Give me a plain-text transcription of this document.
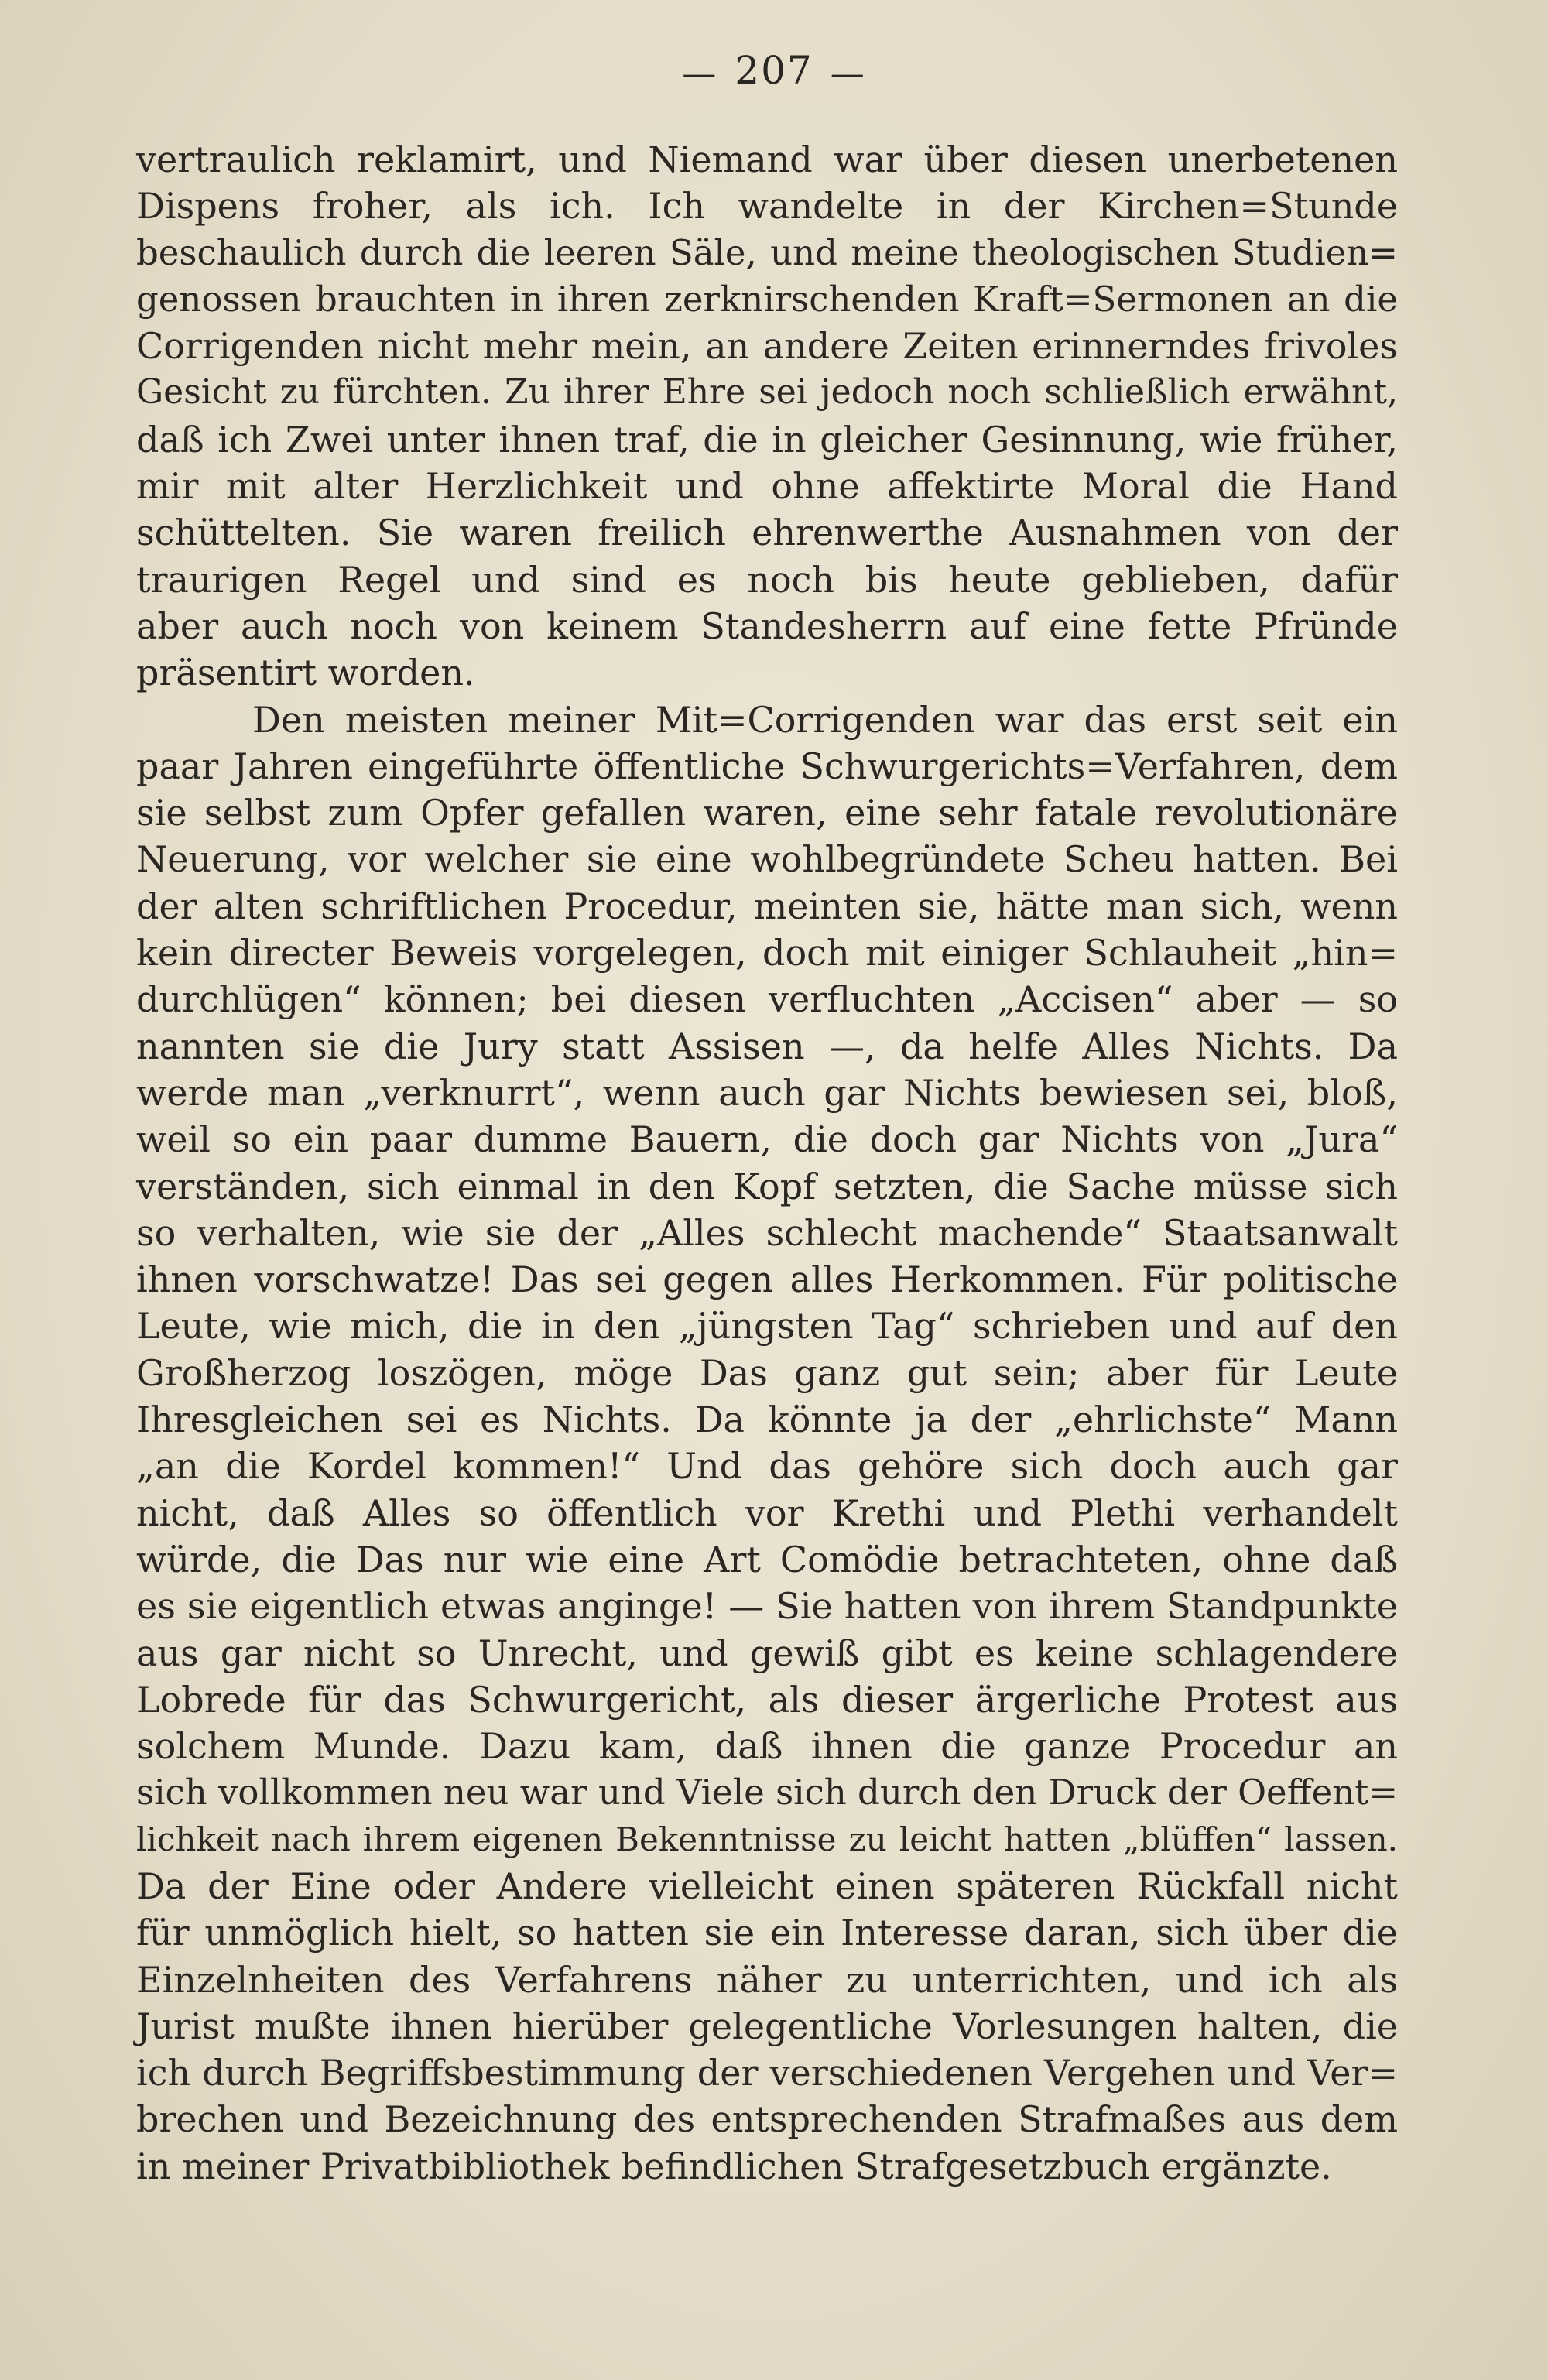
— 207 —
vertraulich reklamirt, und Niemand war über diesen unerbetenen
Dispens froher, als ich. Ich wandelte in der Kirchen=Stunde
beschaulich durch die leeren Säle, und meine theologischen Studien=
genossen brauchten in ihren zerknirschenden Kraft=Sermonen an die
Corrigenden nicht mehr mein, an andere Zeiten erinnerndes frivoles
Gesicht zu fürchten. Zu ihrer Ehre sei jedoch noch schließlich erwähnt,
daß ich Zwei unter ihnen traf, die in gleicher Gesinnung, wie früher,
mir mit alter Herzlichkeit und ohne affektirte Moral die Hand
schüttelten. Sie waren freilich ehrenwerthe Ausnahmen von der
traurigen Regel und sind es noch bis heute geblieben, dafür
aber auch noch von keinem Standesherrn auf eine fette Pfründe
präsentirt worden.
Den meisten meiner Mit=Corrigenden war das erst seit ein
paar Jahren eingeführte öffentliche Schwurgerichts=Verfahren, dem
sie selbst zum Opfer gefallen waren, eine sehr fatale revolutionäre
Neuerung, vor welcher sie eine wohlbegründete Scheu hatten. Bei
der alten schriftlichen Procedur, meinten sie, hätte man sich, wenn
kein directer Beweis vorgelegen, doch mit einiger Schlauheit „hin=
durchlügen“ können; bei diesen verfluchten „Accisen“ aber — so
nannten sie die Jury statt Assisen —, da helfe Alles Nichts. Da
werde man „verknurrt“, wenn auch gar Nichts bewiesen sei, bloß,
weil so ein paar dumme Bauern, die doch gar Nichts von „Jura“
verständen, sich einmal in den Kopf setzten, die Sache müsse sich
so verhalten, wie sie der „Alles schlecht machende“ Staatsanwalt
ihnen vorschwatze! Das sei gegen alles Herkommen. Für politische
Leute, wie mich, die in den „jüngsten Tag“ schrieben und auf den
Großherzog loszögen, möge Das ganz gut sein; aber für Leute
Ihresgleichen sei es Nichts. Da könnte ja der „ehrlichste“ Mann
„an die Kordel kommen!“ Und das gehöre sich doch auch gar
nicht, daß Alles so öffentlich vor Krethi und Plethi verhandelt
würde, die Das nur wie eine Art Comödie betrachteten, ohne daß
es sie eigentlich etwas anginge! — Sie hatten von ihrem Standpunkte
aus gar nicht so Unrecht, und gewiß gibt es keine schlagendere
Lobrede für das Schwurgericht, als dieser ärgerliche Protest aus
solchem Munde. Dazu kam, daß ihnen die ganze Procedur an
sich vollkommen neu war und Viele sich durch den Druck der Oeffent=
lichkeit nach ihrem eigenen Bekenntnisse zu leicht hatten „blüffen“ lassen.
Da der Eine oder Andere vielleicht einen späteren Rückfall nicht
für unmöglich hielt, so hatten sie ein Interesse daran, sich über die
Einzelnheiten des Verfahrens näher zu unterrichten, und ich als
Jurist mußte ihnen hierüber gelegentliche Vorlesungen halten, die
ich durch Begriffsbestimmung der verschiedenen Vergehen und Ver=
brechen und Bezeichnung des entsprechenden Strafmaßes aus dem
in meiner Privatbibliothek befindlichen Strafgesetzbuch ergänzte.
